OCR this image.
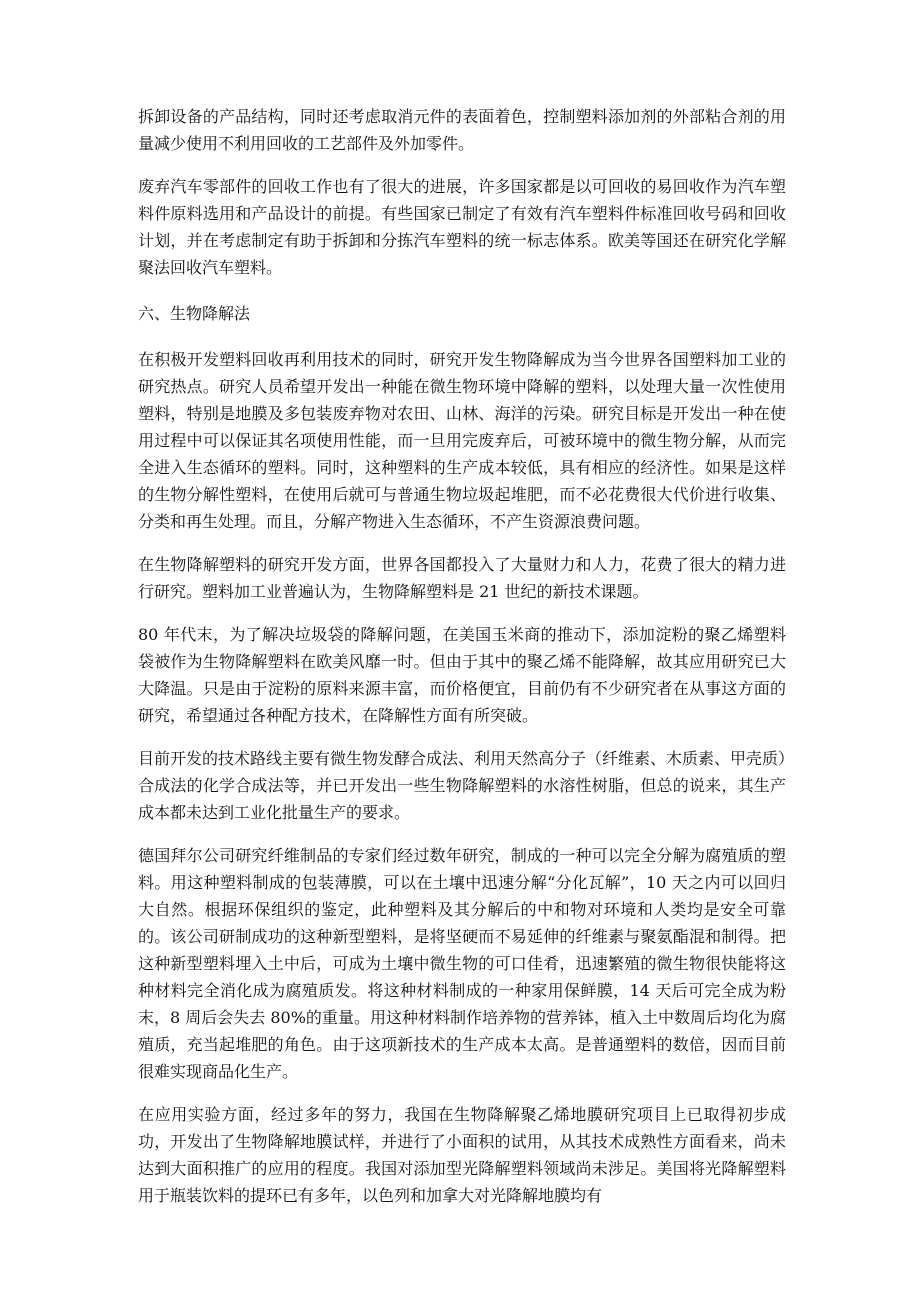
拆卸设备的产品结构，同时还考虑取消元件的表面着色，控制塑料添加剂的外部粘合剂的用量减少使用不利用回收的工艺部件及外加零件。

废弃汽车零部件的回收工作也有了很大的进展，许多国家都是以可回收的易回收作为汽车塑料件原料选用和产品设计的前提。有些国家已制定了有效有汽车塑料件标准回收号码和回收计划，并在考虑制定有助于拆卸和分拣汽车塑料的统一标志体系。欧美等国还在研究化学解聚法回收汽车塑料。

六、生物降解法

在积极开发塑料回收再利用技术的同时，研究开发生物降解成为当今世界各国塑料加工业的研究热点。研究人员希望开发出一种能在微生物环境中降解的塑料，以处理大量一次性使用塑料，特别是地膜及多包装废弃物对农田、山林、海洋的污染。研究目标是开发出一种在使用过程中可以保证其名项使用性能，而一旦用完废弃后，可被环境中的微生物分解，从而完全进入生态循环的塑料。同时，这种塑料的生产成本较低，具有相应的经济性。如果是这样的生物分解性塑料，在使用后就可与普通生物垃圾起堆肥，而不必花费很大代价进行收集、分类和再生处理。而且，分解产物进入生态循环，不产生资源浪费问题。

在生物降解塑料的研究开发方面，世界各国都投入了大量财力和人力，花费了很大的精力进行研究。塑料加工业普遍认为，生物降解塑料是 21 世纪的新技术课题。

80 年代末，为了解决垃圾袋的降解问题，在美国玉米商的推动下，添加淀粉的聚乙烯塑料袋被作为生物降解塑料在欧美风靡一时。但由于其中的聚乙烯不能降解，故其应用研究已大大降温。只是由于淀粉的原料来源丰富，而价格便宜，目前仍有不少研究者在从事这方面的研究，希望通过各种配方技术，在降解性方面有所突破。

目前开发的技术路线主要有微生物发酵合成法、利用天然高分子（纤维素、木质素、甲壳质）合成法的化学合成法等，并已开发出一些生物降解塑料的水溶性树脂，但总的说来，其生产成本都未达到工业化批量生产的要求。

德国拜尔公司研究纤维制品的专家们经过数年研究，制成的一种可以完全分解为腐殖质的塑料。用这种塑料制成的包装薄膜，可以在土壤中迅速分解“分化瓦解”，10 天之内可以回归大自然。根据环保组织的鉴定，此种塑料及其分解后的中和物对环境和人类均是安全可靠的。该公司研制成功的这种新型塑料，是将坚硬而不易延伸的纤维素与聚氨酯混和制得。把这种新型塑料埋入土中后，可成为土壤中微生物的可口佳肴，迅速繁殖的微生物很快能将这种材料完全消化成为腐殖质发。将这种材料制成的一种家用保鲜膜，14 天后可完全成为粉末，8 周后会失去 80%的重量。用这种材料制作培养物的营养钵，植入土中数周后均化为腐殖质，充当起堆肥的角色。由于这项新技术的生产成本太高。是普通塑料的数倍，因而目前很难实现商品化生产。

在应用实验方面，经过多年的努力，我国在生物降解聚乙烯地膜研究项目上已取得初步成功，开发出了生物降解地膜试样，并进行了小面积的试用，从其技术成熟性方面看来，尚未达到大面积推广的应用的程度。我国对添加型光降解塑料领域尚未涉足。美国将光降解塑料用于瓶装饮料的提环已有多年，以色列和加拿大对光降解地膜均有
